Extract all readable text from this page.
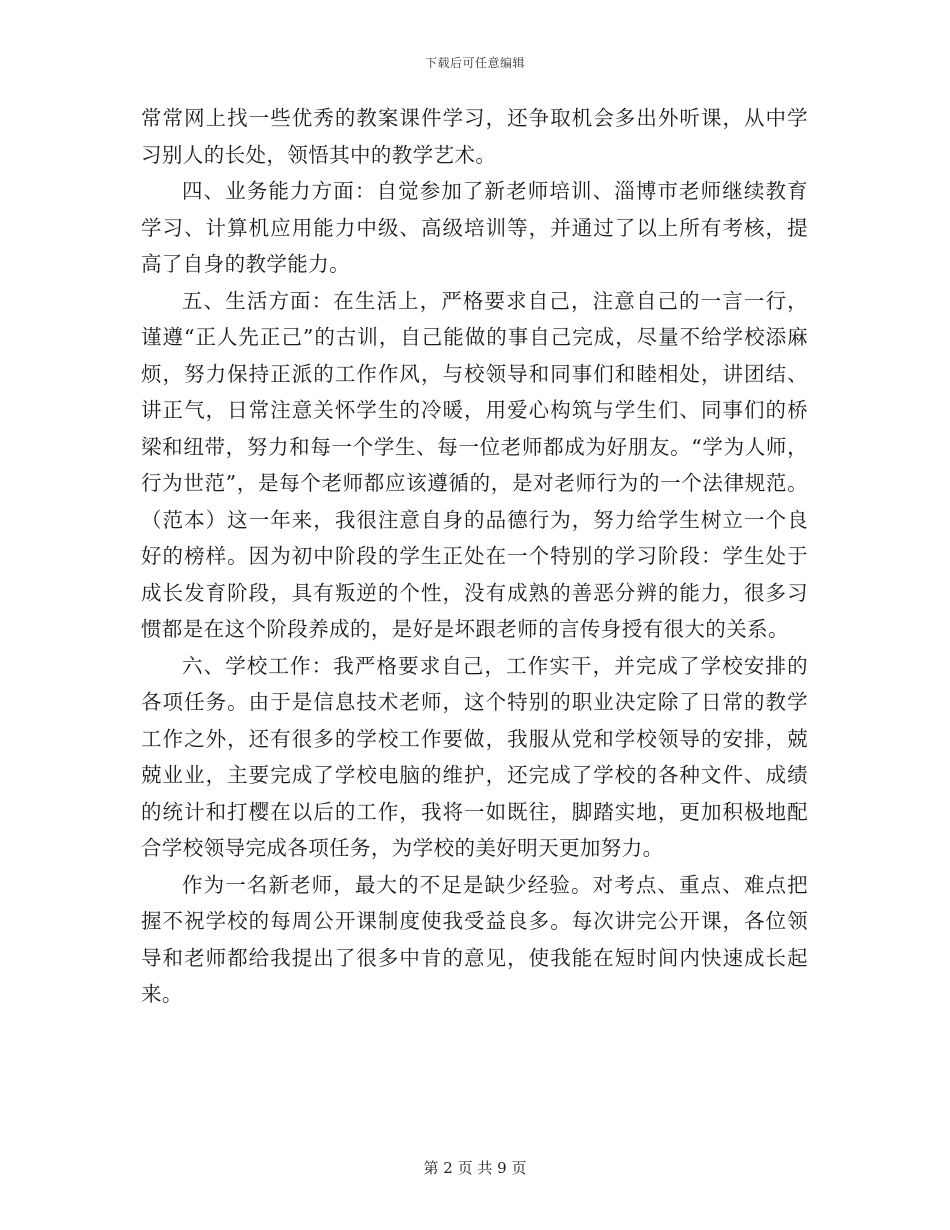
下载后可任意编辑

常常网上找一些优秀的教案课件学习，还争取机会多出外听课，从中学习别人的长处，领悟其中的教学艺术。

四、业务能力方面：自觉参加了新老师培训、淄博市老师继续教育学习、计算机应用能力中级、高级培训等，并通过了以上所有考核，提高了自身的教学能力。

五、生活方面：在生活上，严格要求自己，注意自己的一言一行，谨遵“正人先正己”的古训，自己能做的事自己完成，尽量不给学校添麻烦，努力保持正派的工作作风，与校领导和同事们和睦相处，讲团结、讲正气，日常注意关怀学生的冷暖，用爱心构筑与学生们、同事们的桥梁和纽带，努力和每一个学生、每一位老师都成为好朋友。“学为人师，行为世范”，是每个老师都应该遵循的，是对老师行为的一个法律规范。（范本）这一年来，我很注意自身的品德行为，努力给学生树立一个良好的榜样。因为初中阶段的学生正处在一个特别的学习阶段：学生处于成长发育阶段，具有叛逆的个性，没有成熟的善恶分辨的能力，很多习惯都是在这个阶段养成的，是好是坏跟老师的言传身授有很大的关系。

六、学校工作：我严格要求自己，工作实干，并完成了学校安排的各项任务。由于是信息技术老师，这个特别的职业决定除了日常的教学工作之外，还有很多的学校工作要做，我服从党和学校领导的安排，兢兢业业，主要完成了学校电脑的维护，还完成了学校的各种文件、成绩的统计和打樱在以后的工作，我将一如既往，脚踏实地，更加积极地配合学校领导完成各项任务，为学校的美好明天更加努力。

作为一名新老师，最大的不足是缺少经验。对考点、重点、难点把握不祝学校的每周公开课制度使我受益良多。每次讲完公开课，各位领导和老师都给我提出了很多中肯的意见，使我能在短时间内快速成长起来。

第 2 页 共 9 页
